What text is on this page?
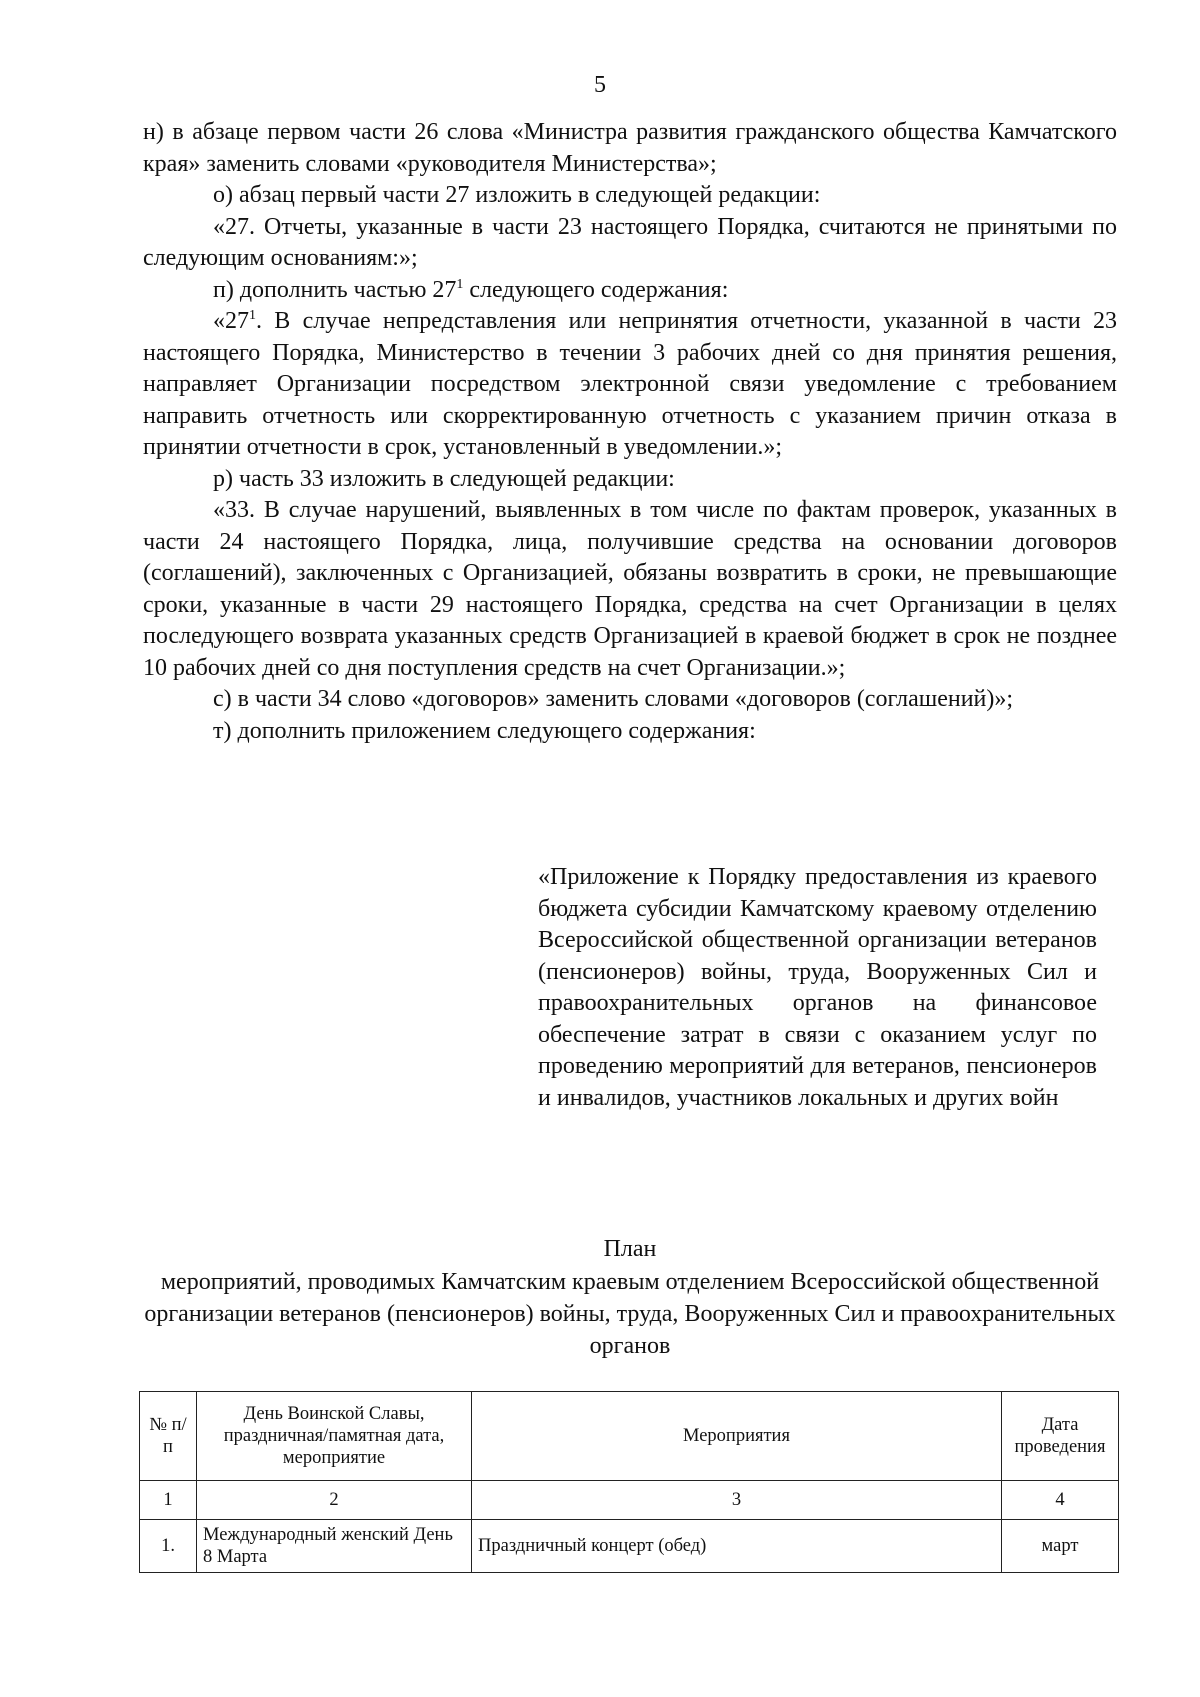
5

н) в абзаце первом части 26 слова «Министра развития гражданского общества Камчатского края» заменить словами «руководителя Министерства»;

о) абзац первый части 27 изложить в следующей редакции:

«27. Отчеты, указанные в части 23 настоящего Порядка, считаются не принятыми по следующим основаниям:»;

п) дополнить частью $27^1$ следующего содержания:

«$27^1$. В случае непредставления или непринятия отчетности, указанной в части 23 настоящего Порядка, Министерство в течении 3 рабочих дней со дня принятия решения, направляет Организации посредством электронной связи уведомление с требованием направить отчетность или скорректированную отчетность с указанием причин отказа в принятии отчетности в срок, установленный в уведомлении.»;

р) часть 33 изложить в следующей редакции:

«33. В случае нарушений, выявленных в том числе по фактам проверок, указанных в части 24 настоящего Порядка, лица, получившие средства на основании договоров (соглашений), заключенных с Организацией, обязаны возвратить в сроки, не превышающие сроки, указанные в части 29 настоящего Порядка, средства на счет Организации в целях последующего возврата указанных средств Организацией в краевой бюджет в срок не позднее 10 рабочих дней со дня поступления средств на счет Организации.»;

с) в части 34 слово «договоров» заменить словами «договоров (соглашений)»;

т) дополнить приложением следующего содержания:

«Приложение к Порядку предоставления из краевого бюджета субсидии Камчатскому краевому отделению Всероссийской общественной организации ветеранов (пенсионеров) войны, труда, Вооруженных Сил и правоохранительных органов на финансовое обеспечение затрат в связи с оказанием услуг по проведению мероприятий для ветеранов, пенсионеров и инвалидов, участников локальных и других войн

План

мероприятий, проводимых Камчатским краевым отделением Всероссийской общественной организации ветеранов (пенсионеров) войны, труда, Вооруженных Сил и правоохранительных органов

№ п/п	День Воинской Славы, праздничная/памятная дата, мероприятие	Мероприятия	Дата проведения
1	2	3	4
1.	Международный женский День 8 Марта	Праздничный концерт (обед)	март
